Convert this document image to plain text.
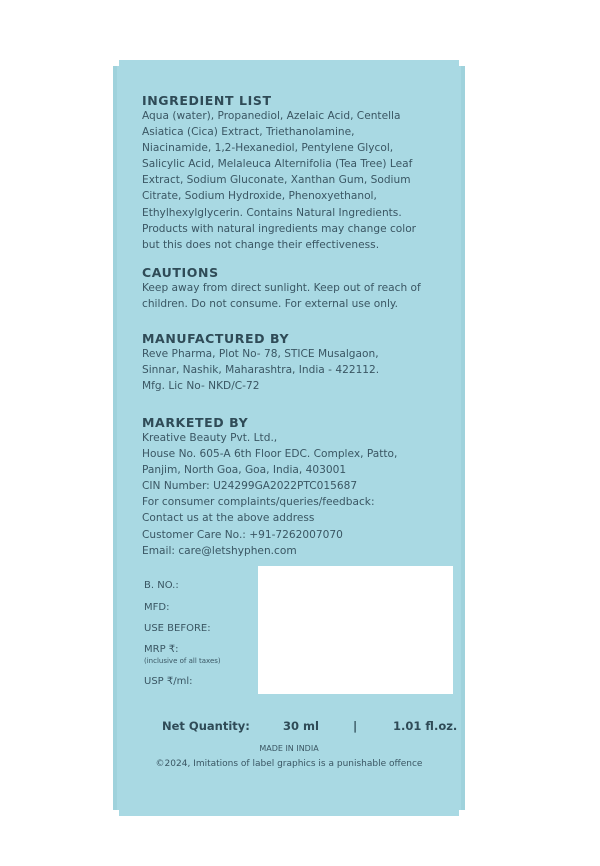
INGREDIENT LIST

Aqua (water), Propanediol, Azelaic Acid, Centella
Asiatica (Cica) Extract, Triethanolamine,
Niacinamide, 1,2-Hexanediol, Pentylene Glycol,
Salicylic Acid, Melaleuca Alternifolia (Tea Tree) Leaf
Extract, Sodium Gluconate, Xanthan Gum, Sodium
Citrate, Sodium Hydroxide, Phenoxyethanol,
Ethylhexylglycerin. Contains Natural Ingredients.
Products with natural ingredients may change color
but this does not change their effectiveness.

CAUTIONS

Keep away from direct sunlight. Keep out of reach of
children. Do not consume. For external use only.

MANUFACTURED BY

Reve Pharma, Plot No- 78, STICE Musalgaon,
Sinnar, Nashik, Maharashtra, India - 422112.
Mfg. Lic No- NKD/C-72

MARKETED BY

Kreative Beauty Pvt. Ltd.,
House No. 605-A 6th Floor EDC. Complex, Patto,
Panjim, North Goa, Goa, India, 403001
CIN Number: U24299GA2022PTC015687
For consumer complaints/queries/feedback:
Contact us at the above address
Customer Care No.: +91-7262007070
Email: care@letshyphen.com

B. NO.:
MFD:
USE BEFORE:
MRP ₹:
(inclusive of all taxes)
USP ₹/ml:
Net Quantity:	30 ml	|	1.01 fl.oz.
MADE IN INDIA
©2024, Imitations of label graphics is a punishable offence
